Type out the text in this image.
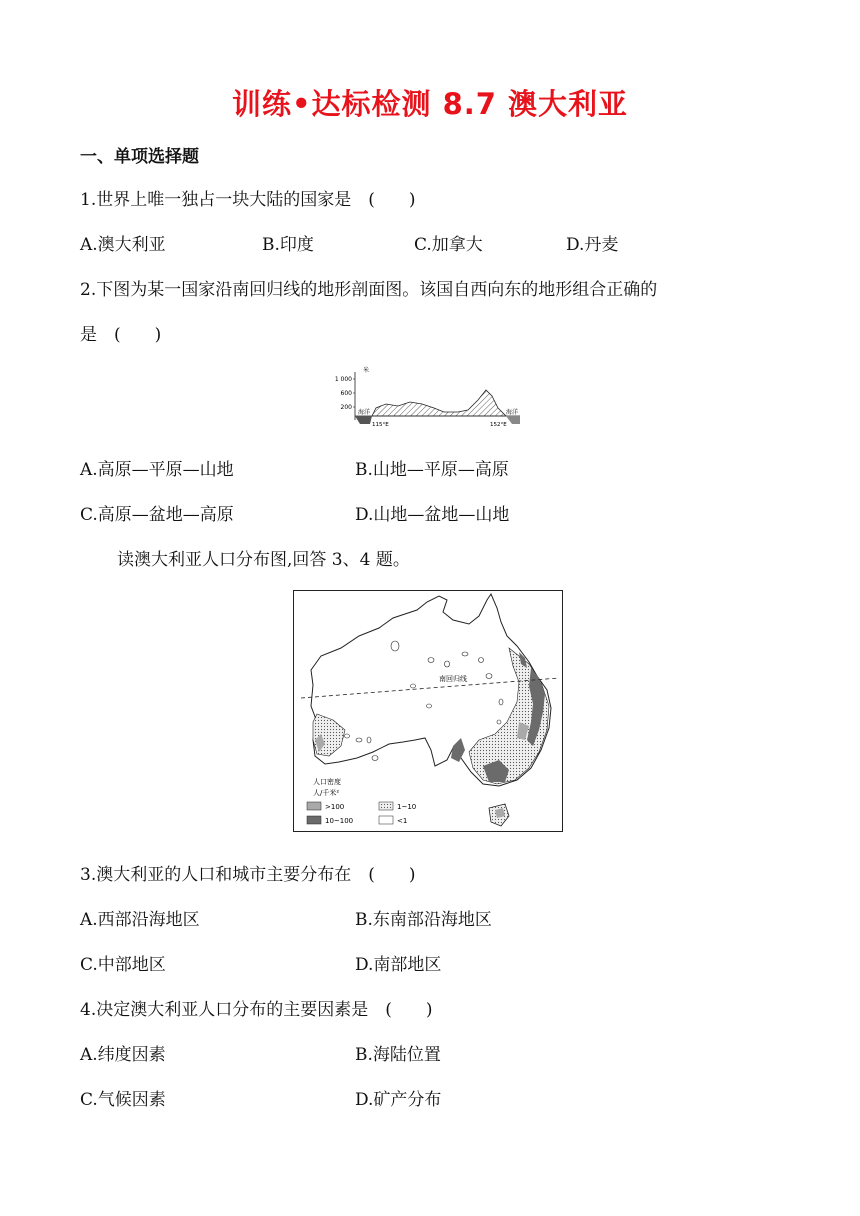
训练•达标检测 8.7 澳大利亚
一、单项选择题
1.世界上唯一独占一块大陆的国家是　(　　)
A.澳大利亚	B.印度	C.加拿大	D.丹麦
2.下图为某一国家沿南回归线的地形剖面图。该国自西向东的地形组合正确的
是　(　　)
米
1 000
600
200
海洋	海洋
115°E	152°E
A.高原—平原—山地	B.山地—平原—高原
C.高原—盆地—高原	D.山地—盆地—山地
读澳大利亚人口分布图,回答 3、4 题。
南回归线
人口密度
人/千米²
>100	1~10
10~100	<1
3.澳大利亚的人口和城市主要分布在　(　　)
A.西部沿海地区	B.东南部沿海地区
C.中部地区	D.南部地区
4.决定澳大利亚人口分布的主要因素是　(　　)
A.纬度因素	B.海陆位置
C.气候因素	D.矿产分布
